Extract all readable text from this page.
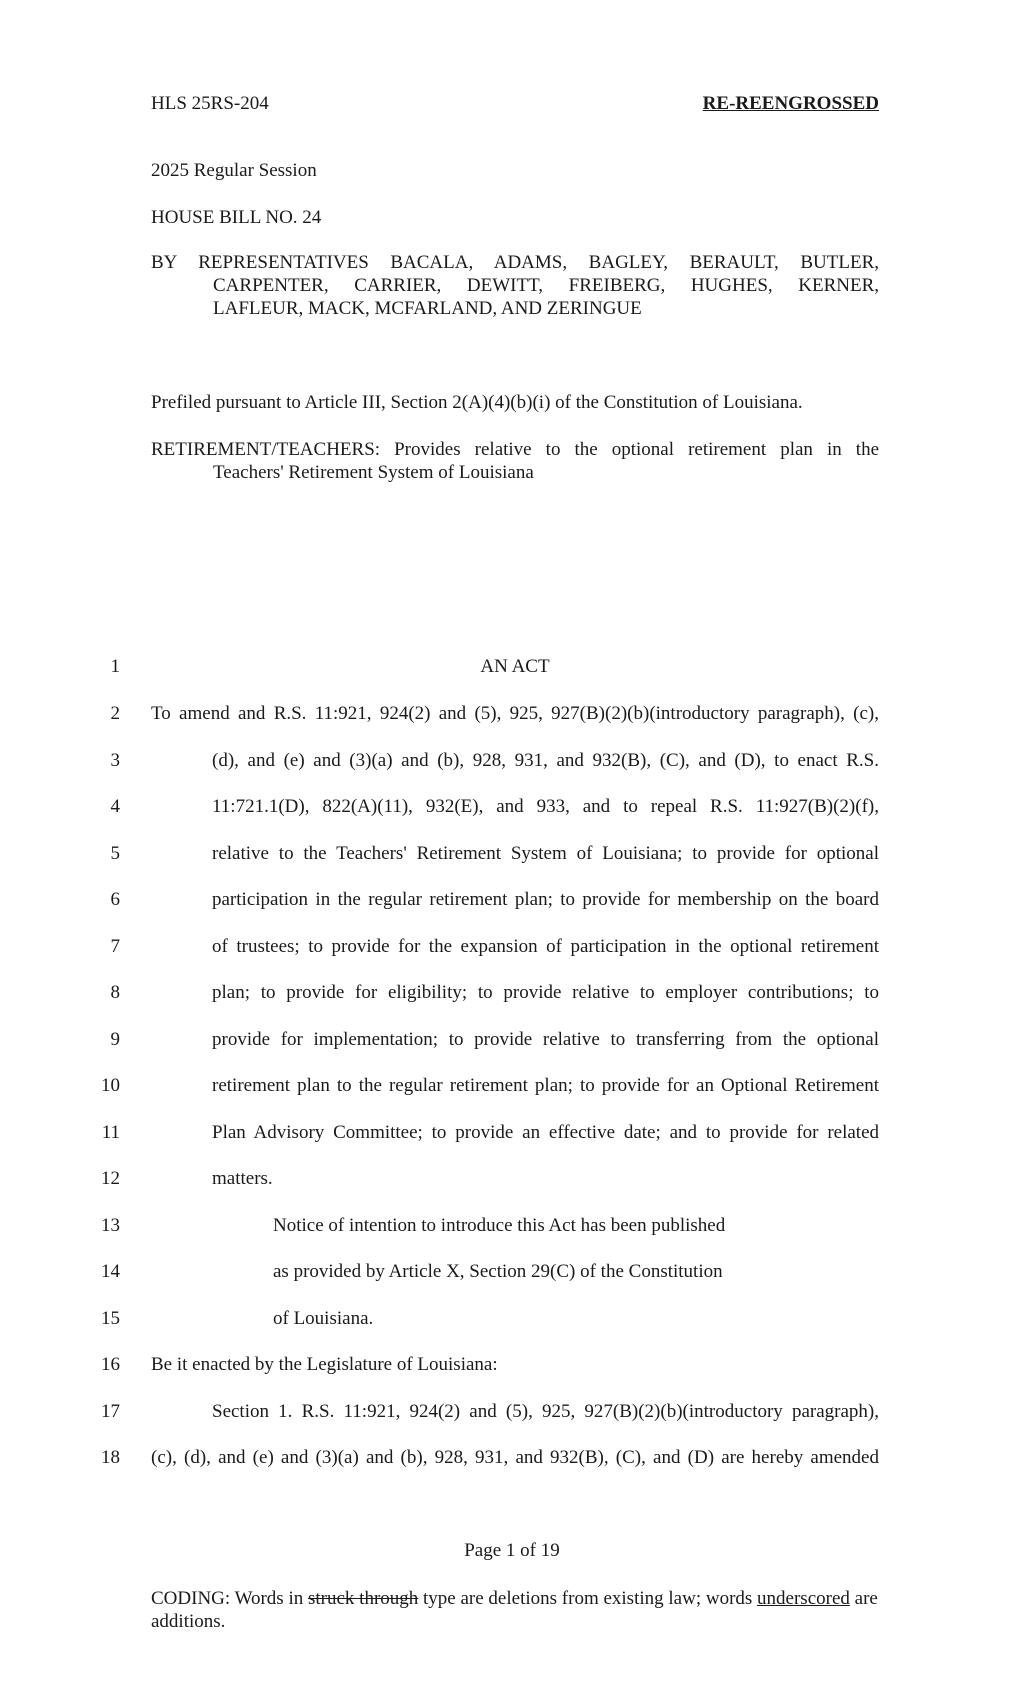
HLS 25RS-204	RE-REENGROSSED
2025 Regular Session
HOUSE BILL NO. 24
BY REPRESENTATIVES BACALA, ADAMS, BAGLEY, BERAULT, BUTLER,
CARPENTER, CARRIER, DEWITT, FREIBERG, HUGHES, KERNER,
LAFLEUR, MACK, MCFARLAND, AND ZERINGUE
Prefiled pursuant to Article III, Section 2(A)(4)(b)(i) of the Constitution of Louisiana.
RETIREMENT/TEACHERS: Provides relative to the optional retirement plan in the
Teachers' Retirement System of Louisiana
1	AN ACT
2 To amend and R.S. 11:921, 924(2) and (5), 925, 927(B)(2)(b)(introductory paragraph), (c),
3	(d), and (e) and (3)(a) and (b), 928, 931, and 932(B), (C), and (D), to enact R.S.
4	11:721.1(D), 822(A)(11), 932(E), and 933, and to repeal R.S. 11:927(B)(2)(f),
5	relative to the Teachers' Retirement System of Louisiana; to provide for optional
6	participation in the regular retirement plan; to provide for membership on the board
7	of trustees; to provide for the expansion of participation in the optional retirement
8	plan; to provide for eligibility; to provide relative to employer contributions; to
9	provide for implementation; to provide relative to transferring from the optional
10	retirement plan to the regular retirement plan; to provide for an Optional Retirement
11	Plan Advisory Committee; to provide an effective date; and to provide for related
12	matters.
13	Notice of intention to introduce this Act has been published
14	as provided by Article X, Section 29(C) of the Constitution
15	of Louisiana.
16 Be it enacted by the Legislature of Louisiana:
17	Section 1. R.S. 11:921, 924(2) and (5), 925, 927(B)(2)(b)(introductory paragraph),
18 (c), (d), and (e) and (3)(a) and (b), 928, 931, and 932(B), (C), and (D) are hereby amended
Page 1 of 19
CODING: Words in struck through type are deletions from existing law; words underscored are additions.
